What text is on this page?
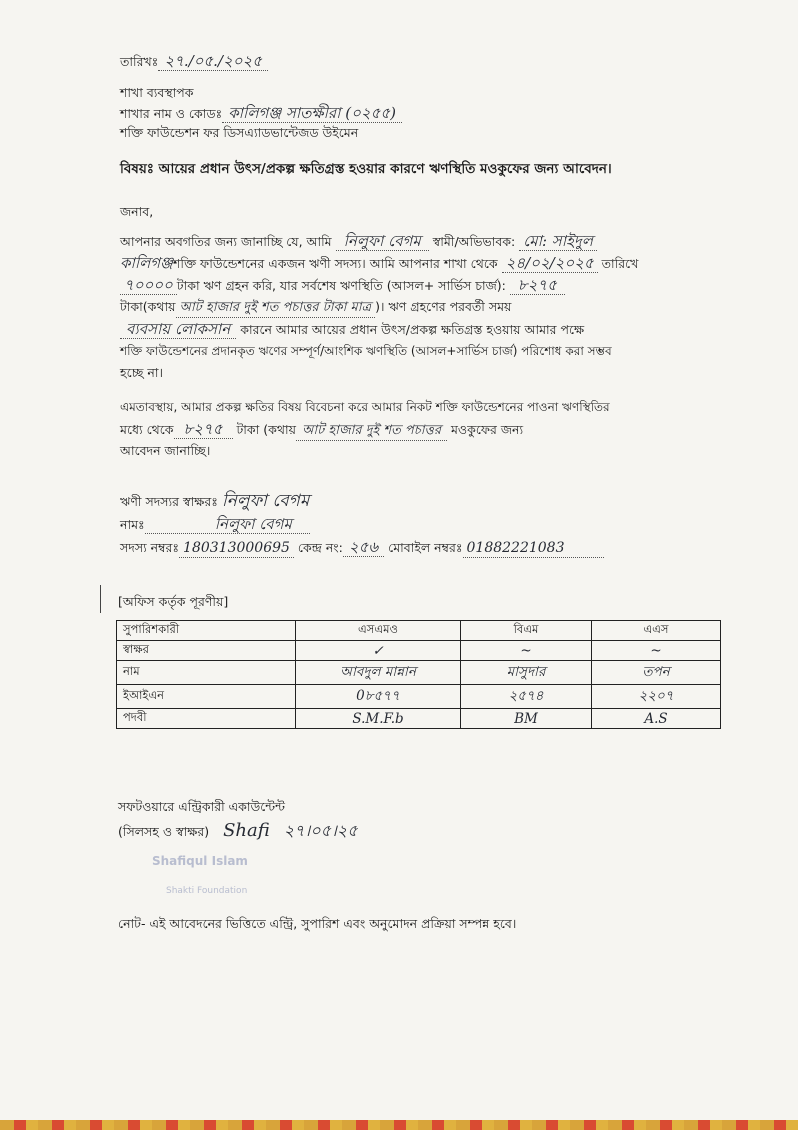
তারিখঃ ২৭./০৫./২০২৫
শাখা ব্যবস্থাপক
শাখার নাম ও কোডঃ কালিগঞ্জ সাতক্ষীরা (০২৫৫)
শক্তি ফাউন্ডেশন ফর ডিসএ্যাডভান্টেজড উইমেন
বিষয়ঃ আয়ের প্রধান উৎস/প্রকল্প ক্ষতিগ্রস্ত হওয়ার কারণে ঋণস্থিতি মওকুফের জন্য আবেদন।
জনাব,
আপনার অবগতির জন্য জানাচ্ছি যে, আমি নিলুফা বেগম স্বামী/অভিভাবক: মো: সাইদুল
কালিগঞ্জশক্তি ফাউন্ডেশনের একজন ঋণী সদস্য। আমি আপনার শাখা থেকে ২৪/০২/২০২৫ তারিখে
৭০০০০ টাকা ঋণ গ্রহন করি, যার সর্বশেষ ঋণস্থিতি (আসল+ সার্ভিস চার্জ): ৮২৭৫
টাকা(কথায় আট হাজার দুই শত পচাত্তর টাকা মাত্র )। ঋণ গ্রহণের পরবর্তী সময়
ব্যবসায় লোকসান কারনে আমার আয়ের প্রধান উৎস/প্রকল্প ক্ষতিগ্রস্ত হওয়ায় আমার পক্ষে
শক্তি ফাউন্ডেশনের প্রদানকৃত ঋণের সম্পূর্ণ/আংশিক ঋণস্থিতি (আসল+সার্ভিস চার্জ) পরিশোধ করা সম্ভব
হচ্ছে না।
এমতাবস্থায়, আমার প্রকল্প ক্ষতির বিষয় বিবেচনা করে আমার নিকট শক্তি ফাউন্ডেশনের পাওনা ঋণস্থিতির
মধ্যে থেকে ৮২৭৫ টাকা (কথায় আট হাজার দুই শত পচাত্তর মওকুফের জন্য
আবেদন জানাচ্ছি।
ঋণী সদস্যর স্বাক্ষরঃ নিলুফা বেগম
নামঃ	নিলুফা বেগম
সদস্য নম্বরঃ 180313000695 কেন্দ্র নং: ২৫৬ মোবাইল নম্বরঃ 01882221083
[অফিস কর্তৃক পূরণীয়]
সুপারিশকারী	এসএমও	বিএম	এএস
স্বাক্ষর	✓	~	~
নাম	আবদুল মান্নান	মাসুদার	তপন
ইআইএন	0৮৫৭৭	২৫৭৪	২২০৭
পদবী	S.M.F.b	BM	A.S
সফটওয়ারে এন্ট্রিকারী একাউন্টেন্ট
(সিলসহ ও স্বাক্ষর) Shafi ২৭।০৫।২৫
Shafiqul Islam
Shakti Foundation
নোট- এই আবেদনের ভিত্তিতে এন্ট্রি, সুপারিশ এবং অনুমোদন প্রক্রিয়া সম্পন্ন হবে।
